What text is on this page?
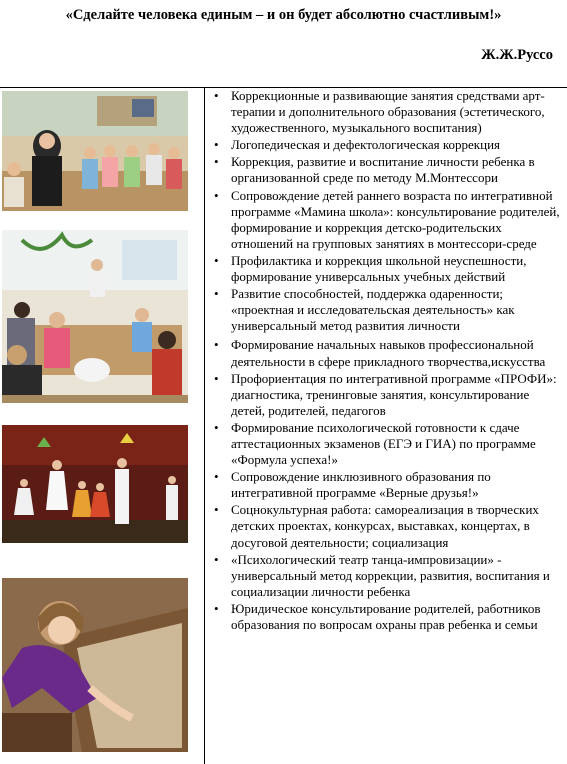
«Сделайте человека единым – и он будет абсолютно счастливым!»
Ж.Ж.Руссо
• Коррекционные и развивающие занятия средствами арт-терапии и дополнительного образования (эстетического, художественного, музыкального воспитания)
• Логопедическая и дефектологическая коррекция
• Коррекция, развитие и воспитание личности ребенка в организованной среде по методу М.Монтессори
• Сопровождение детей раннего возраста по интегративной программе «Мамина школа»: консультирование родителей, формирование и коррекция детско-родительских отношений на групповых занятиях в монтессори-среде
• Профилактика и коррекция школьной неуспешности, формирование универсальных учебных действий
• Развитие способностей, поддержка одаренности; «проектная и исследовательская деятельность» как универсальный метод развития личности
• Формирование начальных навыков профессиональной деятельности в сфере прикладного творчества,искусства
• Профориентация по интегративной программе «ПРОФИ»: диагностика, тренинговые занятия, консультирование детей, родителей, педагогов
• Формирование психологической готовности к сдаче аттестационных экзаменов (ЕГЭ и ГИА) по программе «Формула успеха!»
• Сопровождение инклюзивного образования по интегративной программе «Верные друзья!»
• Соцнокультурная работа: самореализация в творческих детских проектах, конкурсах, выставках, концертах, в досуговой деятельности; социализация
• «Психологический театр танца-импровизации» - универсальный метод коррекции, развития, воспитания и социализации личности ребенка
• Юридическое консультирование родителей, работников образования по вопросам охраны прав ребенка и семьи
